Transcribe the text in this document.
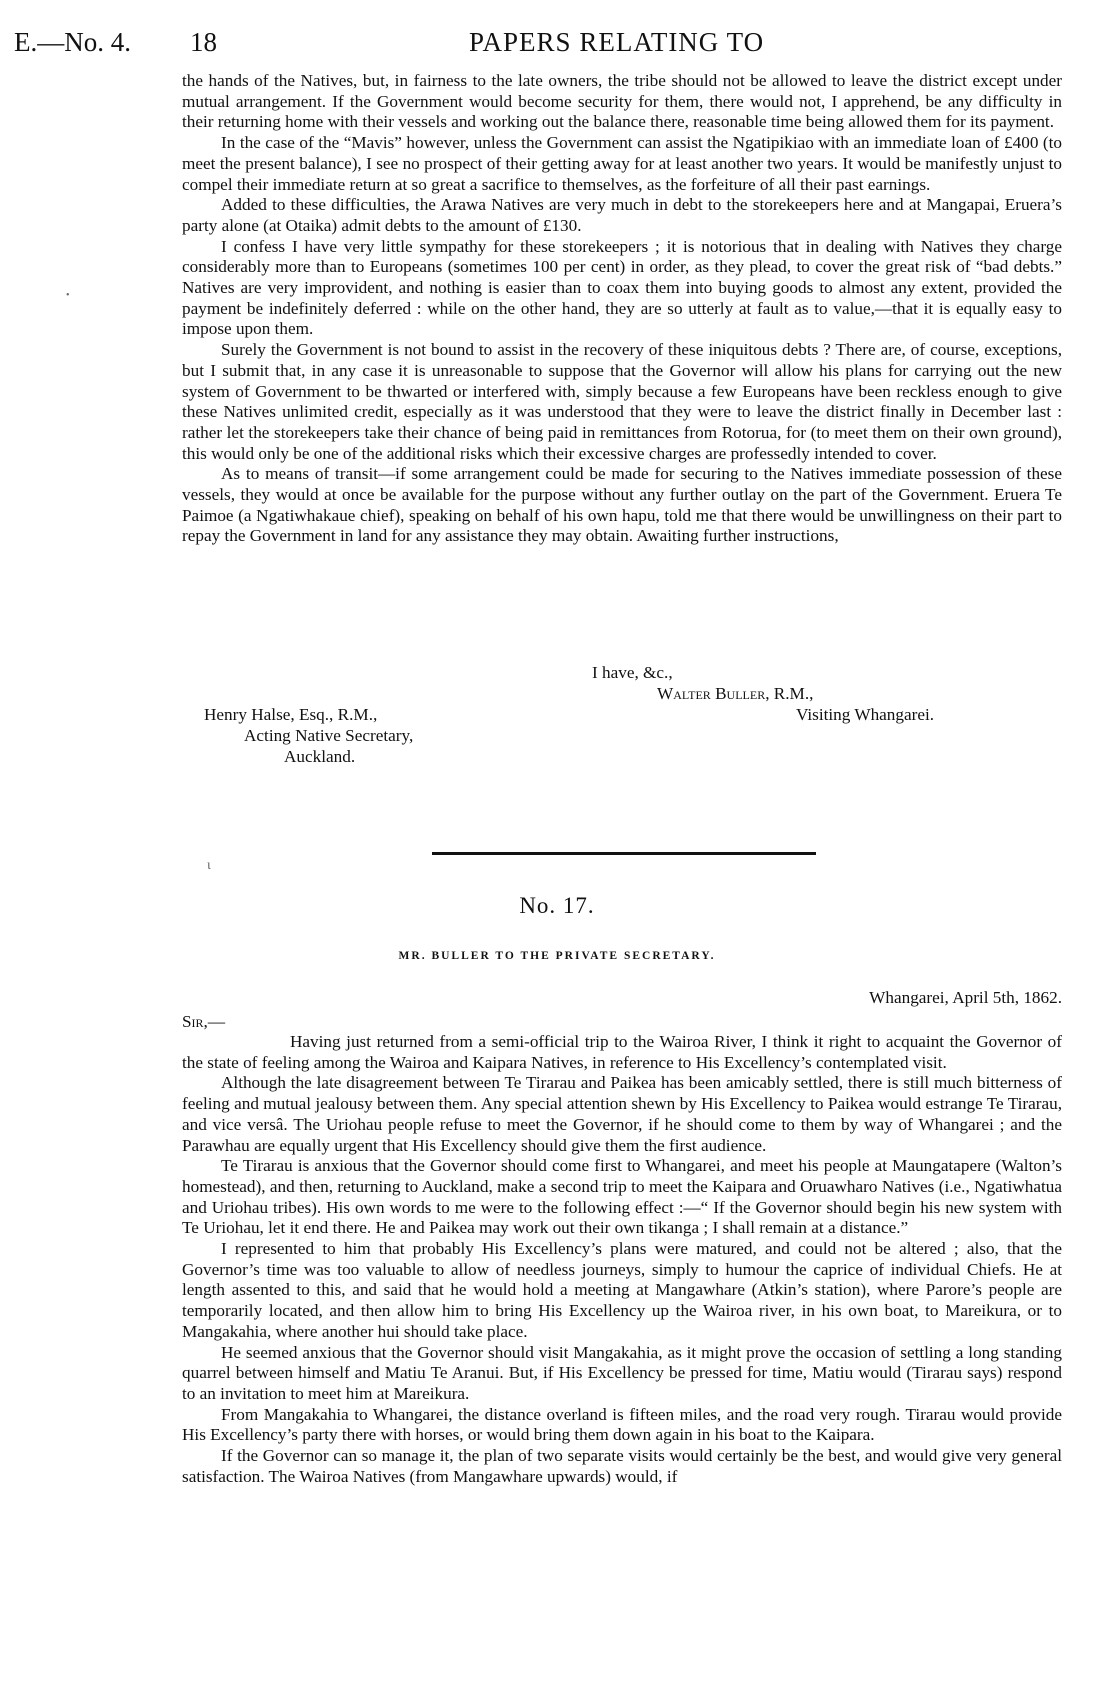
E.—No. 4. 18	PAPERS RELATING TO

the hands of the Natives, but, in fairness to the late owners, the tribe should not be allowed to leave the district except under mutual arrangement. If the Government would become security for them, there would not, I apprehend, be any difficulty in their returning home with their vessels and working out the balance there, reasonable time being allowed them for its payment.

In the case of the “Mavis” however, unless the Government can assist the Ngatipikiao with an immediate loan of £400 (to meet the present balance), I see no prospect of their getting away for at least another two years. It would be manifestly unjust to compel their immediate return at so great a sacrifice to themselves, as the forfeiture of all their past earnings.

Added to these difficulties, the Arawa Natives are very much in debt to the storekeepers here and at Mangapai, Eruera’s party alone (at Otaika) admit debts to the amount of £130.

I confess I have very little sympathy for these storekeepers ; it is notorious that in dealing with Natives they charge considerably more than to Europeans (sometimes 100 per cent) in order, as they plead, to cover the great risk of “bad debts.” Natives are very improvident, and nothing is easier than to coax them into buying goods to almost any extent, provided the payment be indefinitely deferred : while on the other hand, they are so utterly at fault as to value,—that it is equally easy to impose upon them.

Surely the Government is not bound to assist in the recovery of these iniquitous debts ? There are, of course, exceptions, but I submit that, in any case it is unreasonable to suppose that the Governor will allow his plans for carrying out the new system of Government to be thwarted or interfered with, simply because a few Europeans have been reckless enough to give these Natives unlimited credit, especially as it was understood that they were to leave the district finally in December last : rather let the storekeepers take their chance of being paid in remittances from Rotorua, for (to meet them on their own ground), this would only be one of the additional risks which their excessive charges are professedly intended to cover.

As to means of transit—if some arrangement could be made for securing to the Natives immediate possession of these vessels, they would at once be available for the purpose without any further outlay on the part of the Government. Eruera Te Paimoe (a Ngatiwhakaue chief), speaking on behalf of his own hapu, told me that there would be unwillingness on their part to repay the Government in land for any assistance they may obtain. Awaiting further instructions,

I have, &c.,
Walter Buller, R.M.,
Visiting Whangarei.
Henry Halse, Esq., R.M.,
Acting Native Secretary,
Auckland.
ι
•
No. 17.
MR. BULLER TO THE PRIVATE SECRETARY.
Whangarei, April 5th, 1862.
Sir,—

Having just returned from a semi-official trip to the Wairoa River, I think it right to acquaint the Governor of the state of feeling among the Wairoa and Kaipara Natives, in reference to His Excellency’s contemplated visit.

Although the late disagreement between Te Tirarau and Paikea has been amicably settled, there is still much bitterness of feeling and mutual jealousy between them. Any special attention shewn by His Excellency to Paikea would estrange Te Tirarau, and vice versâ. The Uriohau people refuse to meet the Governor, if he should come to them by way of Whangarei ; and the Parawhau are equally urgent that His Excellency should give them the first audience.

Te Tirarau is anxious that the Governor should come first to Whangarei, and meet his people at Maungatapere (Walton’s homestead), and then, returning to Auckland, make a second trip to meet the Kaipara and Oruawharo Natives (i.e., Ngatiwhatua and Uriohau tribes). His own words to me were to the following effect :—“ If the Governor should begin his new system with Te Uriohau, let it end there. He and Paikea may work out their own tikanga ; I shall remain at a distance.”

I represented to him that probably His Excellency’s plans were matured, and could not be altered ; also, that the Governor’s time was too valuable to allow of needless journeys, simply to humour the caprice of individual Chiefs. He at length assented to this, and said that he would hold a meeting at Mangawhare (Atkin’s station), where Parore’s people are temporarily located, and then allow him to bring His Excellency up the Wairoa river, in his own boat, to Mareikura, or to Mangakahia, where another hui should take place.

He seemed anxious that the Governor should visit Mangakahia, as it might prove the occasion of settling a long standing quarrel between himself and Matiu Te Aranui. But, if His Excellency be pressed for time, Matiu would (Tirarau says) respond to an invitation to meet him at Mareikura.

From Mangakahia to Whangarei, the distance overland is fifteen miles, and the road very rough. Tirarau would provide His Excellency’s party there with horses, or would bring them down again in his boat to the Kaipara.

If the Governor can so manage it, the plan of two separate visits would certainly be the best, and would give very general satisfaction. The Wairoa Natives (from Mangawhare upwards) would, if
